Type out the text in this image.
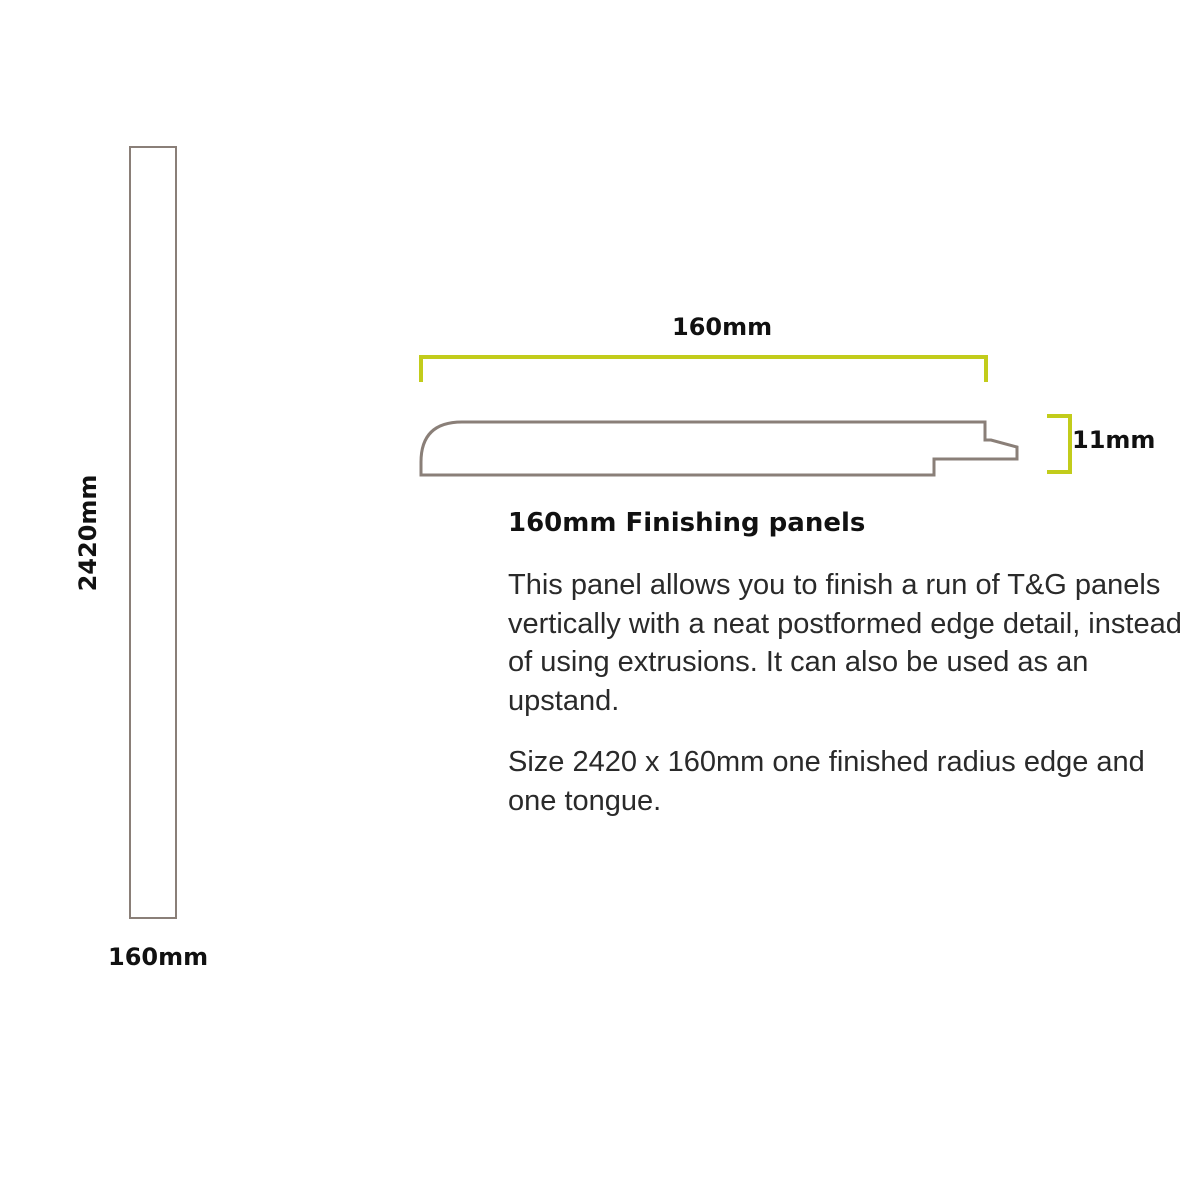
2420mm
160mm
160mm
11mm
160mm Finishing panels

This panel allows you to finish a run of T&G panels vertically with a neat postformed edge detail, instead of using extrusions. It can also be used as an upstand.

Size 2420 x 160mm one finished radius edge and one tongue.
